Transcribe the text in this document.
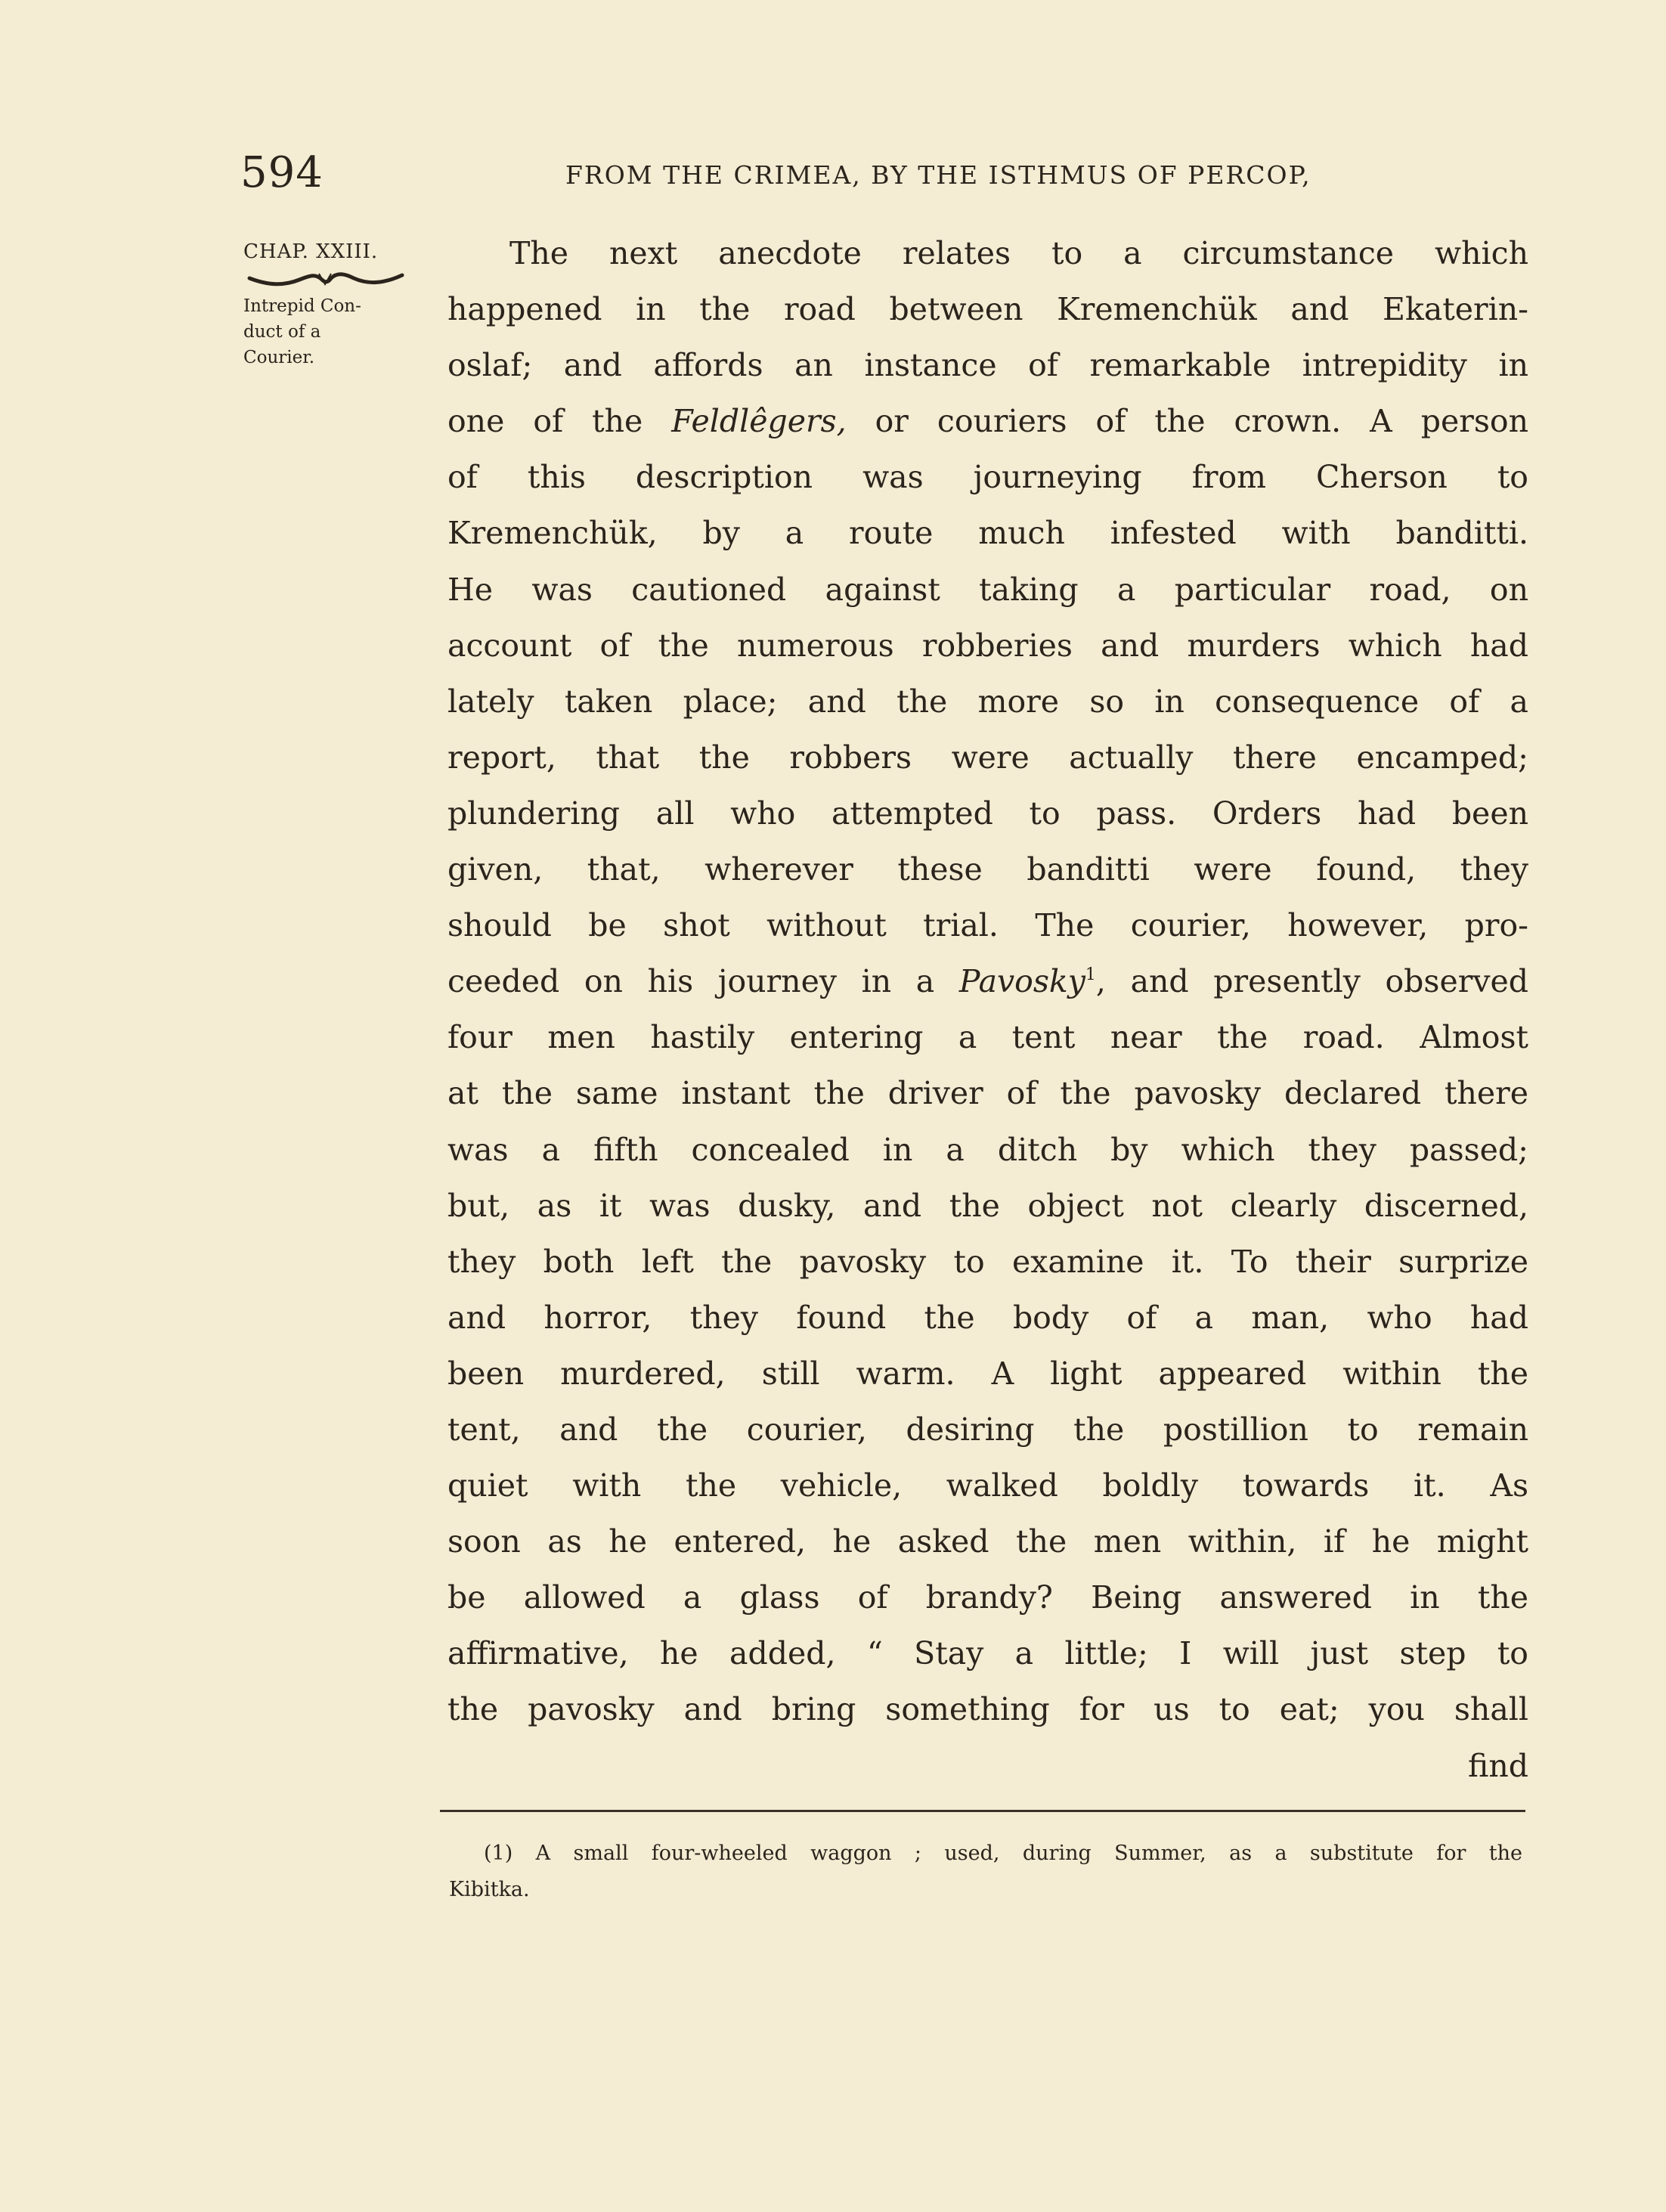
594	FROM THE CRIMEA, BY THE ISTHMUS OF PERCOP,
CHAP. XXIII.
Intrepid Con-
duct of a
Courier.
The next anecdote relates to a circumstance which
happened in the road between Kremenchük and Ekaterin-
oslaf; and affords an instance of remarkable intrepidity in
one of the Feldlêgers, or couriers of the crown. A person
of this description was journeying from Cherson to
Kremenchük, by a route much infested with banditti.
He was cautioned against taking a particular road, on
account of the numerous robberies and murders which had
lately taken place; and the more so in consequence of a
report, that the robbers were actually there encamped;
plundering all who attempted to pass. Orders had been
given, that, wherever these banditti were found, they
should be shot without trial. The courier, however, pro-
ceeded on his journey in a Pavosky$^1$, and presently observed
four men hastily entering a tent near the road. Almost
at the same instant the driver of the pavosky declared there
was a fifth concealed in a ditch by which they passed;
but, as it was dusky, and the object not clearly discerned,
they both left the pavosky to examine it. To their surprize
and horror, they found the body of a man, who had
been murdered, still warm. A light appeared within the
tent, and the courier, desiring the postillion to remain
quiet with the vehicle, walked boldly towards it. As
soon as he entered, he asked the men within, if he might
be allowed a glass of brandy? Being answered in the
affirmative, he added, “ Stay a little; I will just step to
the pavosky and bring something for us to eat; you shall
find
(1) A small four-wheeled waggon ; used, during Summer, as a substitute for the
Kibitka.
